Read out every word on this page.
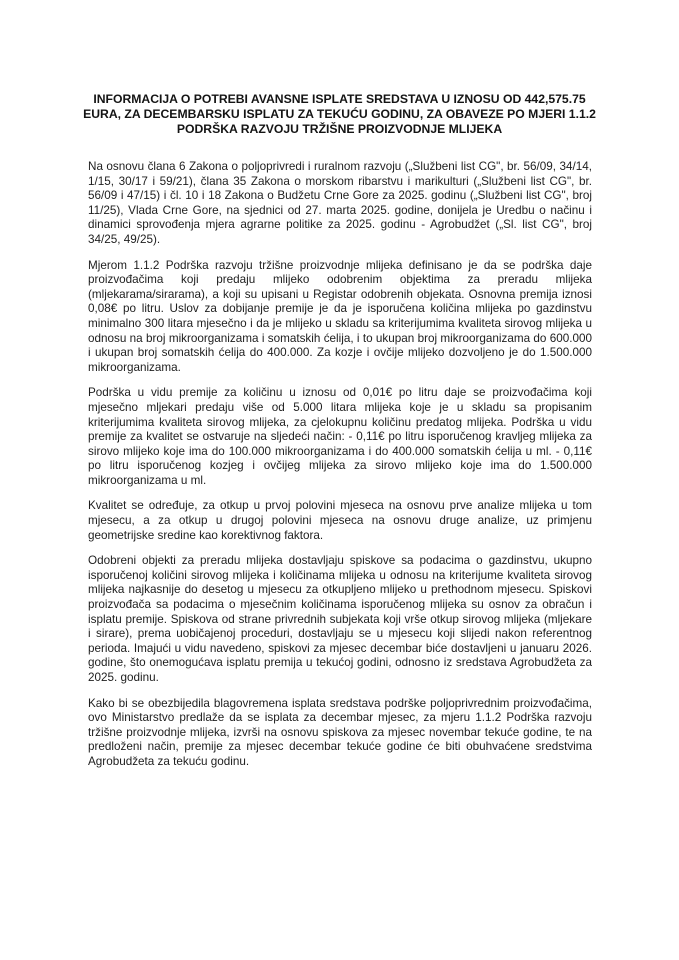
INFORMACIJA O POTREBI AVANSNE ISPLATE SREDSTAVA U IZNOSU OD 442,575.75 EURA, ZA DECEMBARSKU ISPLATU ZA TEKUĆU GODINU, ZA OBAVEZE PO MJERI 1.1.2 PODRŠKA RAZVOJU TRŽIŠNE PROIZVODNJE MLIJEKA

Na osnovu člana 6 Zakona o poljoprivredi i ruralnom razvoju („Službeni list CG", br. 56/09, 34/14, 1/15, 30/17 i 59/21), člana 35 Zakona o morskom ribarstvu i marikulturi („Službeni list CG", br. 56/09 i 47/15) i čl. 10 i 18 Zakona o Budžetu Crne Gore za 2025. godinu („Službeni list CG", broj 11/25), Vlada Crne Gore, na sjednici od 27. marta 2025. godine, donijela je Uredbu o načinu i dinamici sprovođenja mjera agrarne politike za 2025. godinu - Agrobudžet („Sl. list CG", broj 34/25, 49/25).

Mjerom 1.1.2 Podrška razvoju tržišne proizvodnje mlijeka definisano je da se podrška daje proizvođačima koji predaju mlijeko odobrenim objektima za preradu mlijeka (mljekarama/sirarama), a koji su upisani u Registar odobrenih objekata. Osnovna premija iznosi 0,08€ po litru. Uslov za dobijanje premije je da je isporučena količina mlijeka po gazdinstvu minimalno 300 litara mjesečno i da je mlijeko u skladu sa kriterijumima kvaliteta sirovog mlijeka u odnosu na broj mikroorganizama i somatskih ćelija, i to ukupan broj mikroorganizama do 600.000 i ukupan broj somatskih ćelija do 400.000. Za kozje i ovčije mlijeko dozvoljeno je do 1.500.000 mikroorganizama.

Podrška u vidu premije za količinu u iznosu od 0,01€ po litru daje se proizvođačima koji mjesečno mljekari predaju više od 5.000 litara mlijeka koje je u skladu sa propisanim kriterijumima kvaliteta sirovog mlijeka, za cjelokupnu količinu predatog mlijeka. Podrška u vidu premije za kvalitet se ostvaruje na sljedeći način: - 0,11€ po litru isporučenog kravljeg mlijeka za sirovo mlijeko koje ima do 100.000 mikroorganizama i do 400.000 somatskih ćelija u ml. - 0,11€ po litru isporučenog kozjeg i ovčijeg mlijeka za sirovo mlijeko koje ima do 1.500.000 mikroorganizama u ml.

Kvalitet se određuje, za otkup u prvoj polovini mjeseca na osnovu prve analize mlijeka u tom mjesecu, a za otkup u drugoj polovini mjeseca na osnovu druge analize, uz primjenu geometrijske sredine kao korektivnog faktora.

Odobreni objekti za preradu mlijeka dostavljaju spiskove sa podacima o gazdinstvu, ukupno isporučenoj količini sirovog mlijeka i količinama mlijeka u odnosu na kriterijume kvaliteta sirovog mlijeka najkasnije do desetog u mjesecu za otkupljeno mlijeko u prethodnom mjesecu. Spiskovi proizvođača sa podacima o mjesečnim količinama isporučenog mlijeka su osnov za obračun i isplatu premije. Spiskova od strane privrednih subjekata koji vrše otkup sirovog mlijeka (mljekare i sirare), prema uobičajenoj proceduri, dostavljaju se u mjesecu koji slijedi nakon referentnog perioda. Imajući u vidu navedeno, spiskovi za mjesec decembar biće dostavljeni u januaru 2026. godine, što onemogućava isplatu premija u tekućoj godini, odnosno iz sredstava Agrobudžeta za 2025. godinu.

Kako bi se obezbijedila blagovremena isplata sredstava podrške poljoprivrednim proizvođačima, ovo Ministarstvo predlaže da se isplata za decembar mjesec, za mjeru 1.1.2 Podrška razvoju tržišne proizvodnje mlijeka, izvrši na osnovu spiskova za mjesec novembar tekuće godine, te na predloženi način, premije za mjesec decembar tekuće godine će biti obuhvaćene sredstvima Agrobudžeta za tekuću godinu.
